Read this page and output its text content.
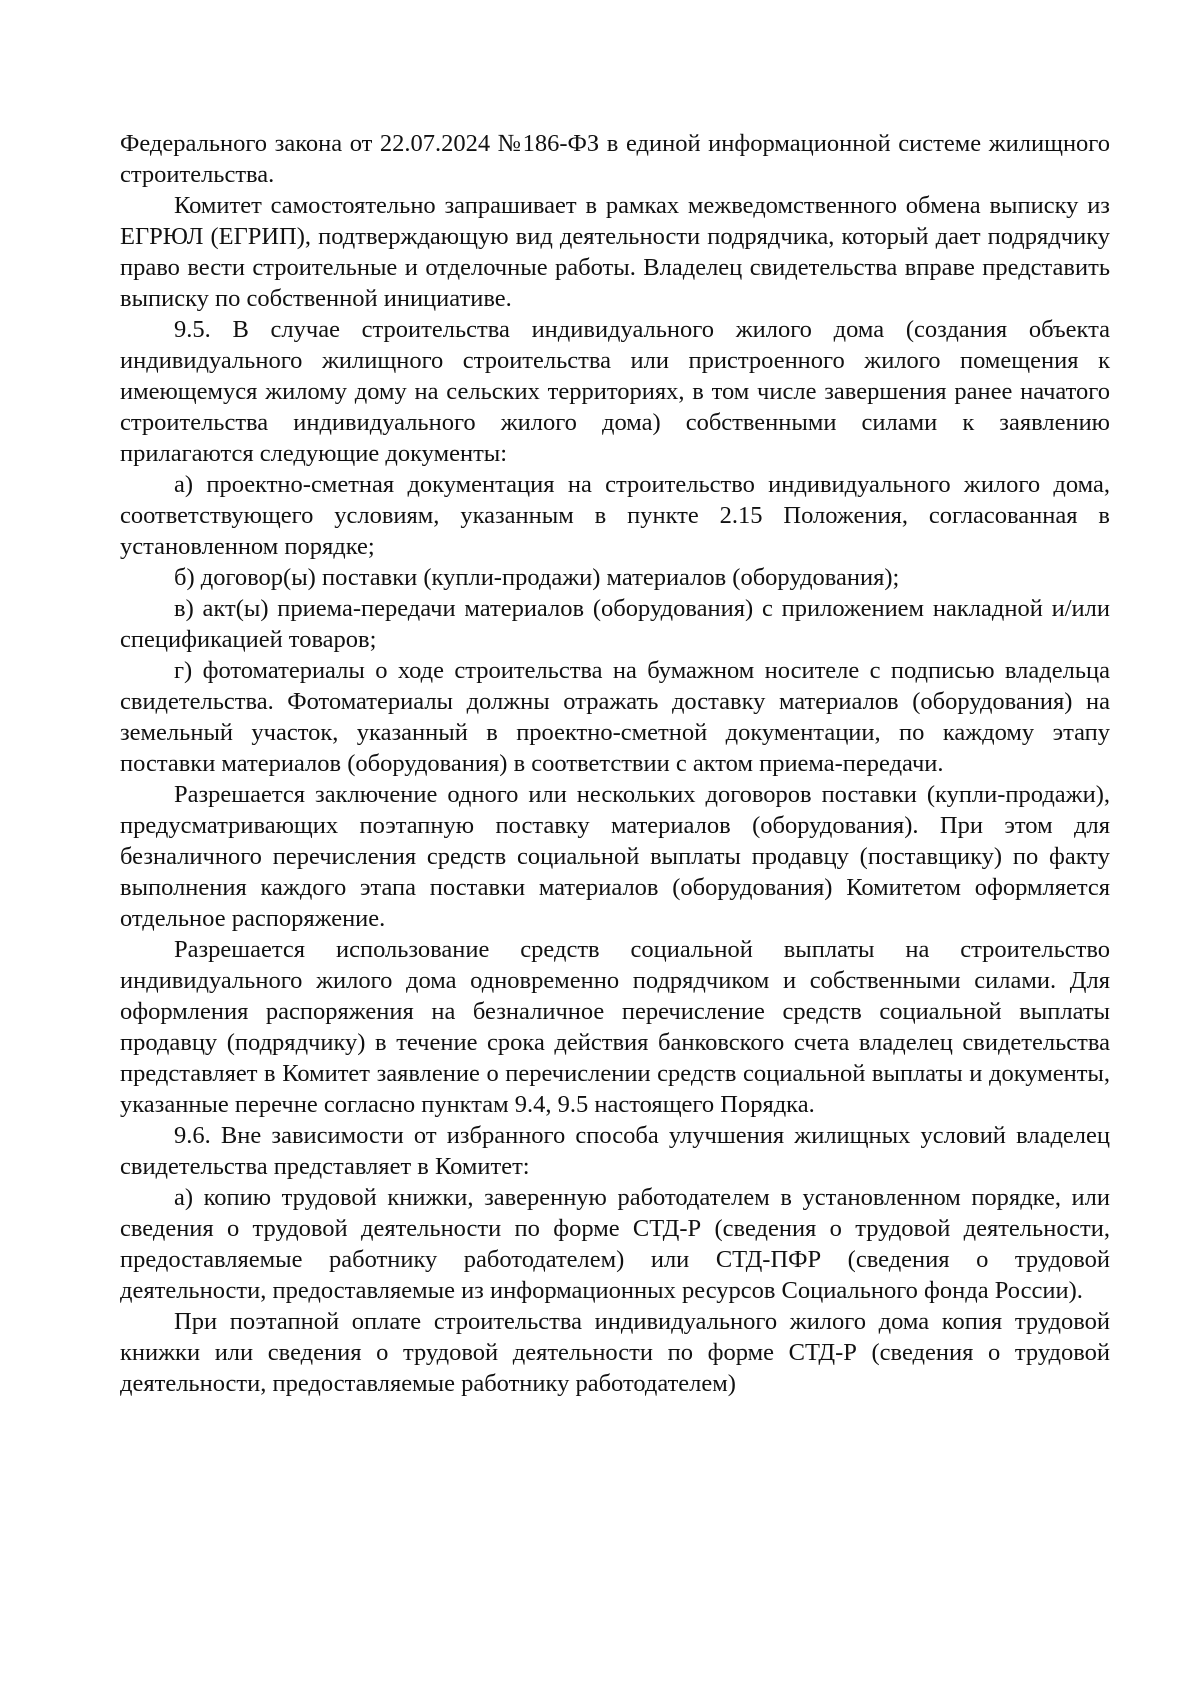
Федерального закона от 22.07.2024 №186-ФЗ в единой информационной системе жилищного строительства.

Комитет самостоятельно запрашивает в рамках межведомственного обмена выписку из ЕГРЮЛ (ЕГРИП), подтверждающую вид деятельности подрядчика, который дает подрядчику право вести строительные и отделочные работы. Владелец свидетельства вправе представить выписку по собственной инициативе.

9.5. В случае строительства индивидуального жилого дома (создания объекта индивидуального жилищного строительства или пристроенного жилого помещения к имеющемуся жилому дому на сельских территориях, в том числе завершения ранее начатого строительства индивидуального жилого дома) собственными силами к заявлению прилагаются следующие документы:

а) проектно-сметная документация на строительство индивидуального жилого дома, соответствующего условиям, указанным в пункте 2.15 Положения, согласованная в установленном порядке;

б) договор(ы) поставки (купли-продажи) материалов (оборудования);

в) акт(ы) приема-передачи материалов (оборудования) с приложением накладной и/или спецификацией товаров;

г) фотоматериалы о ходе строительства на бумажном носителе с подписью владельца свидетельства. Фотоматериалы должны отражать доставку материалов (оборудования) на земельный участок, указанный в проектно-сметной документации, по каждому этапу поставки материалов (оборудования) в соответствии с актом приема-передачи.

Разрешается заключение одного или нескольких договоров поставки (купли-продажи), предусматривающих поэтапную поставку материалов (оборудования). При этом для безналичного перечисления средств социальной выплаты продавцу (поставщику) по факту выполнения каждого этапа поставки материалов (оборудования) Комитетом оформляется отдельное распоряжение.

Разрешается использование средств социальной выплаты на строительство индивидуального жилого дома одновременно подрядчиком и собственными силами. Для оформления распоряжения на безналичное перечисление средств социальной выплаты продавцу (подрядчику) в течение срока действия банковского счета владелец свидетельства представляет в Комитет заявление о перечислении средств социальной выплаты и документы, указанные перечне согласно пунктам 9.4, 9.5 настоящего Порядка.

9.6. Вне зависимости от избранного способа улучшения жилищных условий владелец свидетельства представляет в Комитет:

а) копию трудовой книжки, заверенную работодателем в установленном порядке, или сведения о трудовой деятельности по форме СТД-Р (сведения о трудовой деятельности, предоставляемые работнику работодателем) или СТД-ПФР (сведения о трудовой деятельности, предоставляемые из информационных ресурсов Социального фонда России).

При поэтапной оплате строительства индивидуального жилого дома копия трудовой книжки или сведения о трудовой деятельности по форме СТД-Р (сведения о трудовой деятельности, предоставляемые работнику работодателем)
